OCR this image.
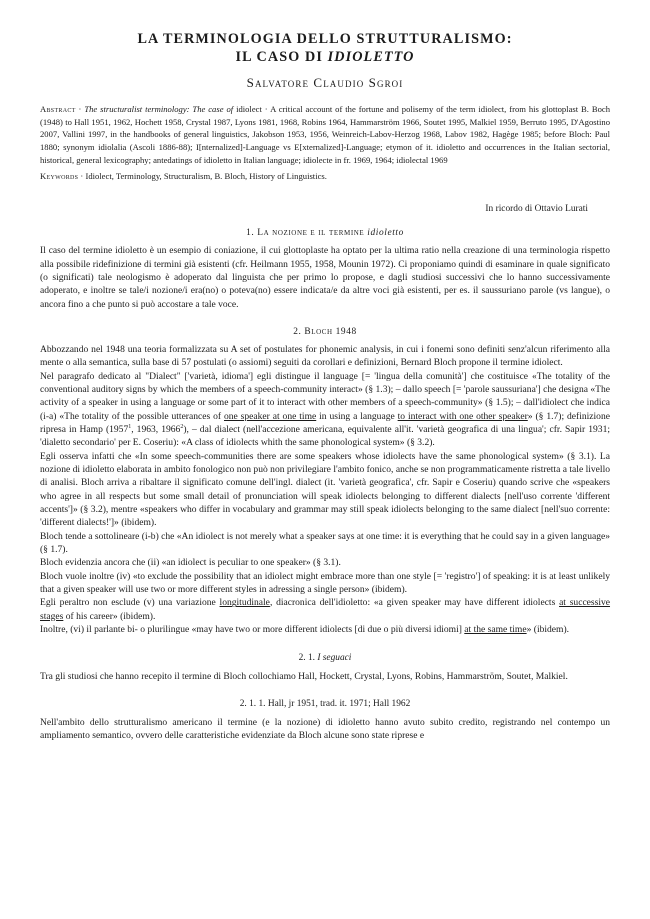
LA TERMINOLOGIA DELLO STRUTTURALISMO:
IL CASO DI IDIOLETTO
Salvatore Claudio Sgroi

Abstract · The structuralist terminology: The case of idiolect · A critical account of the fortune and polisemy of the term idiolect, from his glottoplast B. Boch (1948) to Hall 1951, 1962, Hochett 1958, Crystal 1987, Lyons 1981, 1968, Robins 1964, Hammarström 1966, Soutet 1995, Malkiel 1959, Berruto 1995, D'Agostino 2007, Vallini 1997, in the handbooks of general linguistics, Jakobson 1953, 1956, Weinreich-Labov-Herzog 1968, Labov 1982, Hagège 1985; before Bloch: Paul 1880; synonym idiolalia (Ascoli 1886-88); I[nternalized]-Language vs E[xternalized]-Language; etymon of it. idioletto and occurrences in the Italian sectorial, historical, general lexicography; antedatings of idioletto in Italian language; idiolecte in fr. 1969, 1964; idiolectal 1969

Keywords · Idiolect, Terminology, Structuralism, B. Bloch, History of Linguistics.

In ricordo di Ottavio Lurati
1. La nozione e il termine idioletto

Il caso del termine idioletto è un esempio di coniazione, il cui glottoplaste ha optato per la ultima ratio nella creazione di una terminologia rispetto alla possibile ridefinizione di termini già esistenti (cfr. Heilmann 1955, 1958, Mounin 1972). Ci proponiamo quindi di esaminare in quale significato (o significati) tale neologismo è adoperato dal linguista che per primo lo propose, e dagli studiosi successivi che lo hanno successivamente adoperato, e inoltre se tale/i nozione/i era(no) o poteva(no) essere indicata/e da altre voci già esistenti, per es. il saussuriano parole (vs langue), o ancora fino a che punto si può accostare a tale voce.

2. Bloch 1948

Abbozzando nel 1948 una teoria formalizzata su A set of postulates for phonemic analysis, in cui i fonemi sono definiti senz'alcun riferimento alla mente o alla semantica, sulla base di 57 postulati (o assiomi) seguiti da corollari e definizioni, Bernard Bloch propone il termine idiolect.

Nel paragrafo dedicato al "Dialect" ['varietà, idioma'] egli distingue il language [= 'lingua della comunità'] che costituisce «The totality of the conventional auditory signs by which the members of a speech-community interact» (§ 1.3); – dallo speech [= 'parole saussuriana'] che designa «The activity of a speaker in using a language or some part of it to interact with other members of a speech-community» (§ 1.5); – dall'idiolect che indica (i-a) «The totality of the possible utterances of one speaker at one time in using a language to interact with one other speaker» (§ 1.7); definizione ripresa in Hamp (1957$^1$, 1963, 1966$^2$), – dal dialect (nell'accezione americana, equivalente all'it. 'varietà geografica di una lingua'; cfr. Sapir 1931; 'dialetto secondario' per E. Coseriu): «A class of idiolects whith the same phonological system» (§ 3.2).

Egli osserva infatti che «In some speech-communities there are some speakers whose idiolects have the same phonological system» (§ 3.1). La nozione di idioletto elaborata in ambito fonologico non può non privilegiare l'ambito fonico, anche se non programmaticamente ristretta a tale livello di analisi. Bloch arriva a ribaltare il significato comune dell'ingl. dialect (it. 'varietà geografica', cfr. Sapir e Coseriu) quando scrive che «speakers who agree in all respects but some small detail of pronunciation will speak idiolects belonging to different dialects [nell'uso corrente 'different accents']» (§ 3.2), mentre «speakers who differ in vocabulary and grammar may still speak idiolects belonging to the same dialect [nell'suo corrente: 'different dialects!']» (ibidem).

Bloch tende a sottolineare (i-b) che «An idiolect is not merely what a speaker says at one time: it is everything that he could say in a given language» (§ 1.7).

Bloch evidenzia ancora che (ii) «an idiolect is peculiar to one speaker» (§ 3.1).

Bloch vuole inoltre (iv) «to exclude the possibility that an idiolect might embrace more than one style [= 'registro'] of speaking: it is at least unlikely that a given speaker will use two or more different styles in adressing a single person» (ibidem).

Egli peraltro non esclude (v) una variazione longitudinale, diacronica dell'idioletto: «a given speaker may have different idiolects at successive stages of his career» (ibidem).

Inoltre, (vi) il parlante bi- o plurilingue «may have two or more different idiolects [di due o più diversi idiomi] at the same time» (ibidem).

2. 1. I seguaci

Tra gli studiosi che hanno recepito il termine di Bloch collochiamo Hall, Hockett, Crystal, Lyons, Robins, Hammarström, Soutet, Malkiel.

2. 1. 1. Hall, jr 1951, trad. it. 1971; Hall 1962

Nell'ambito dello strutturalismo americano il termine (e la nozione) di idioletto hanno avuto subito credito, registrando nel contempo un ampliamento semantico, ovvero delle caratteristiche evidenziate da Bloch alcune sono state riprese e
